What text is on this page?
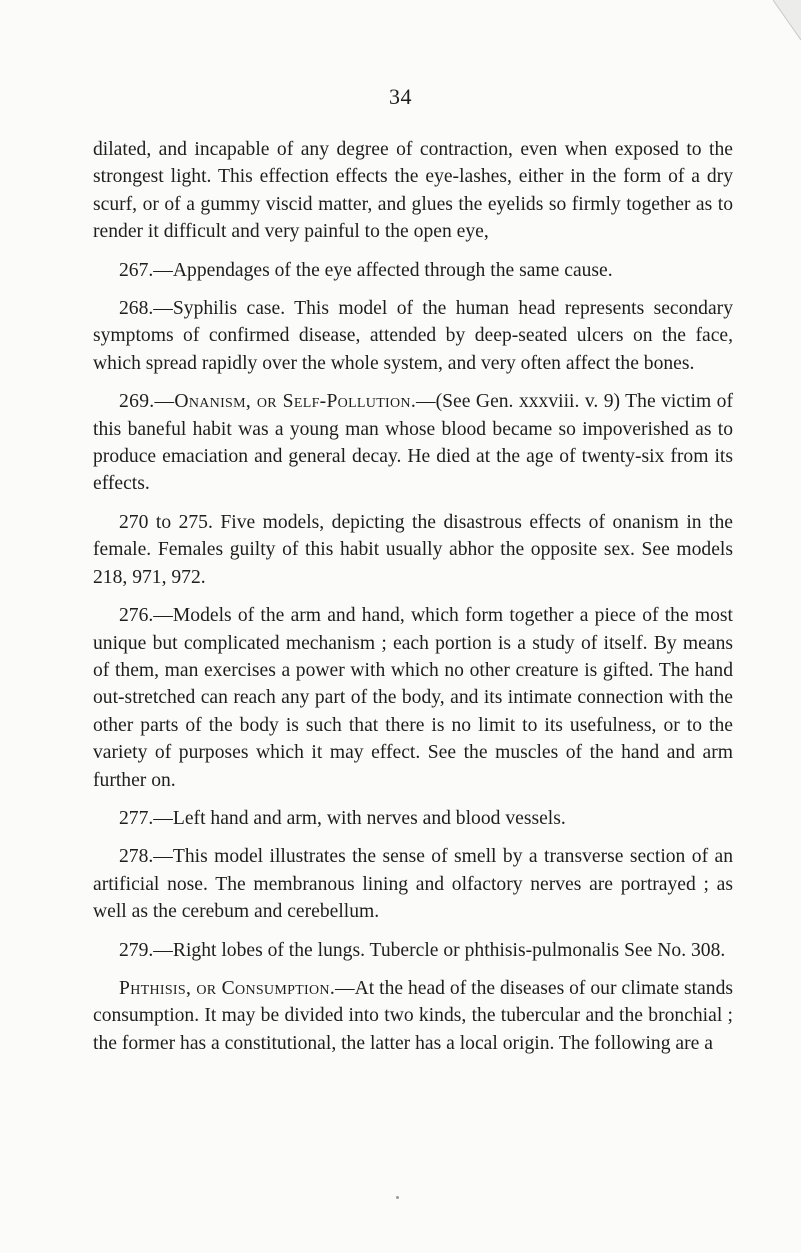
34

dilated, and incapable of any degree of contraction, even when exposed to the strongest light. This effection effects the eye-lashes, either in the form of a dry scurf, or of a gummy viscid matter, and glues the eyelids so firmly together as to render it difficult and very painful to the open eye,

267.—Appendages of the eye affected through the same cause.

268.—Syphilis case. This model of the human head represents secondary symptoms of confirmed disease, attended by deep-seated ulcers on the face, which spread rapidly over the whole system, and very often affect the bones.

269.—Onanism, or Self-Pollution.—(See Gen. xxxviii. v. 9) The victim of this baneful habit was a young man whose blood became so impoverished as to produce emaciation and general decay. He died at the age of twenty-six from its effects.

270 to 275. Five models, depicting the disastrous effects of onanism in the female. Females guilty of this habit usually abhor the opposite sex. See models 218, 971, 972.

276.—Models of the arm and hand, which form together a piece of the most unique but complicated mechanism ; each portion is a study of itself. By means of them, man exercises a power with which no other creature is gifted. The hand out-stretched can reach any part of the body, and its intimate connection with the other parts of the body is such that there is no limit to its usefulness, or to the variety of purposes which it may effect. See the muscles of the hand and arm further on.

277.—Left hand and arm, with nerves and blood vessels.

278.—This model illustrates the sense of smell by a transverse section of an artificial nose. The membranous lining and olfactory nerves are portrayed ; as well as the cerebum and cerebellum.

279.—Right lobes of the lungs. Tubercle or phthisis-pulmonalis See No. 308.

Phthisis, or Consumption.—At the head of the diseases of our climate stands consumption. It may be divided into two kinds, the tubercular and the bronchial ; the former has a constitutional, the latter has a local origin. The following are a
